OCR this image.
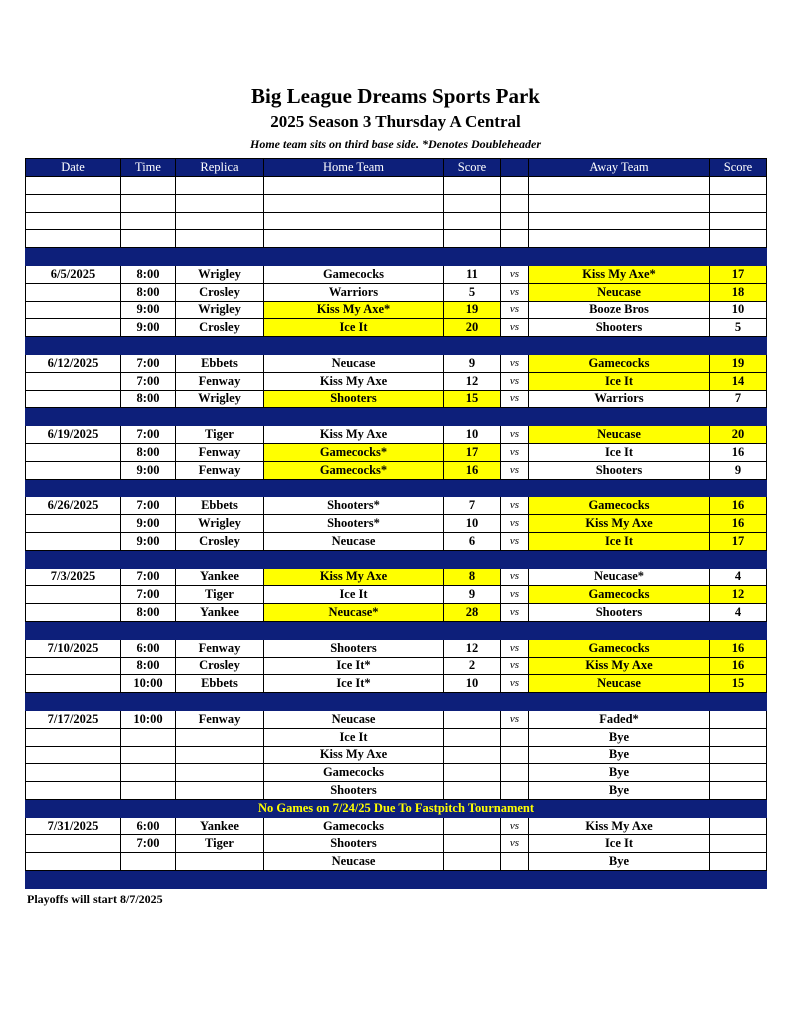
Big League Dreams Sports Park
2025 Season 3 Thursday A Central
Home team sits on third base side. *Denotes Doubleheader
Date	Time	Replica	Home Team	Score		Away Team	Score

6/5/2025	8:00	Wrigley	Gamecocks	11	vs	Kiss My Axe*	17
	8:00	Crosley	Warriors	5	vs	Neucase	18
	9:00	Wrigley	Kiss My Axe*	19	vs	Booze Bros	10
	9:00	Crosley	Ice It	20	vs	Shooters	5

6/12/2025	7:00	Ebbets	Neucase	9	vs	Gamecocks	19
	7:00	Fenway	Kiss My Axe	12	vs	Ice It	14
	8:00	Wrigley	Shooters	15	vs	Warriors	7

6/19/2025	7:00	Tiger	Kiss My Axe	10	vs	Neucase	20
	8:00	Fenway	Gamecocks*	17	vs	Ice It	16
	9:00	Fenway	Gamecocks*	16	vs	Shooters	9

6/26/2025	7:00	Ebbets	Shooters*	7	vs	Gamecocks	16
	9:00	Wrigley	Shooters*	10	vs	Kiss My Axe	16
	9:00	Crosley	Neucase	6	vs	Ice It	17

7/3/2025	7:00	Yankee	Kiss My Axe	8	vs	Neucase*	4
	7:00	Tiger	Ice It	9	vs	Gamecocks	12
	8:00	Yankee	Neucase*	28	vs	Shooters	4

7/10/2025	6:00	Fenway	Shooters	12	vs	Gamecocks	16
	8:00	Crosley	Ice It*	2	vs	Kiss My Axe	16
	10:00	Ebbets	Ice It*	10	vs	Neucase	15

7/17/2025	10:00	Fenway	Neucase		vs	Faded*	
			Ice It			Bye	
			Kiss My Axe			Bye	
			Gamecocks			Bye	
			Shooters			Bye	
No Games on 7/24/25 Due To Fastpitch Tournament							
7/31/2025	6:00	Yankee	Gamecocks		vs	Kiss My Axe	
	7:00	Tiger	Shooters		vs	Ice It	
			Neucase			Bye	

Playoffs will start 8/7/2025
